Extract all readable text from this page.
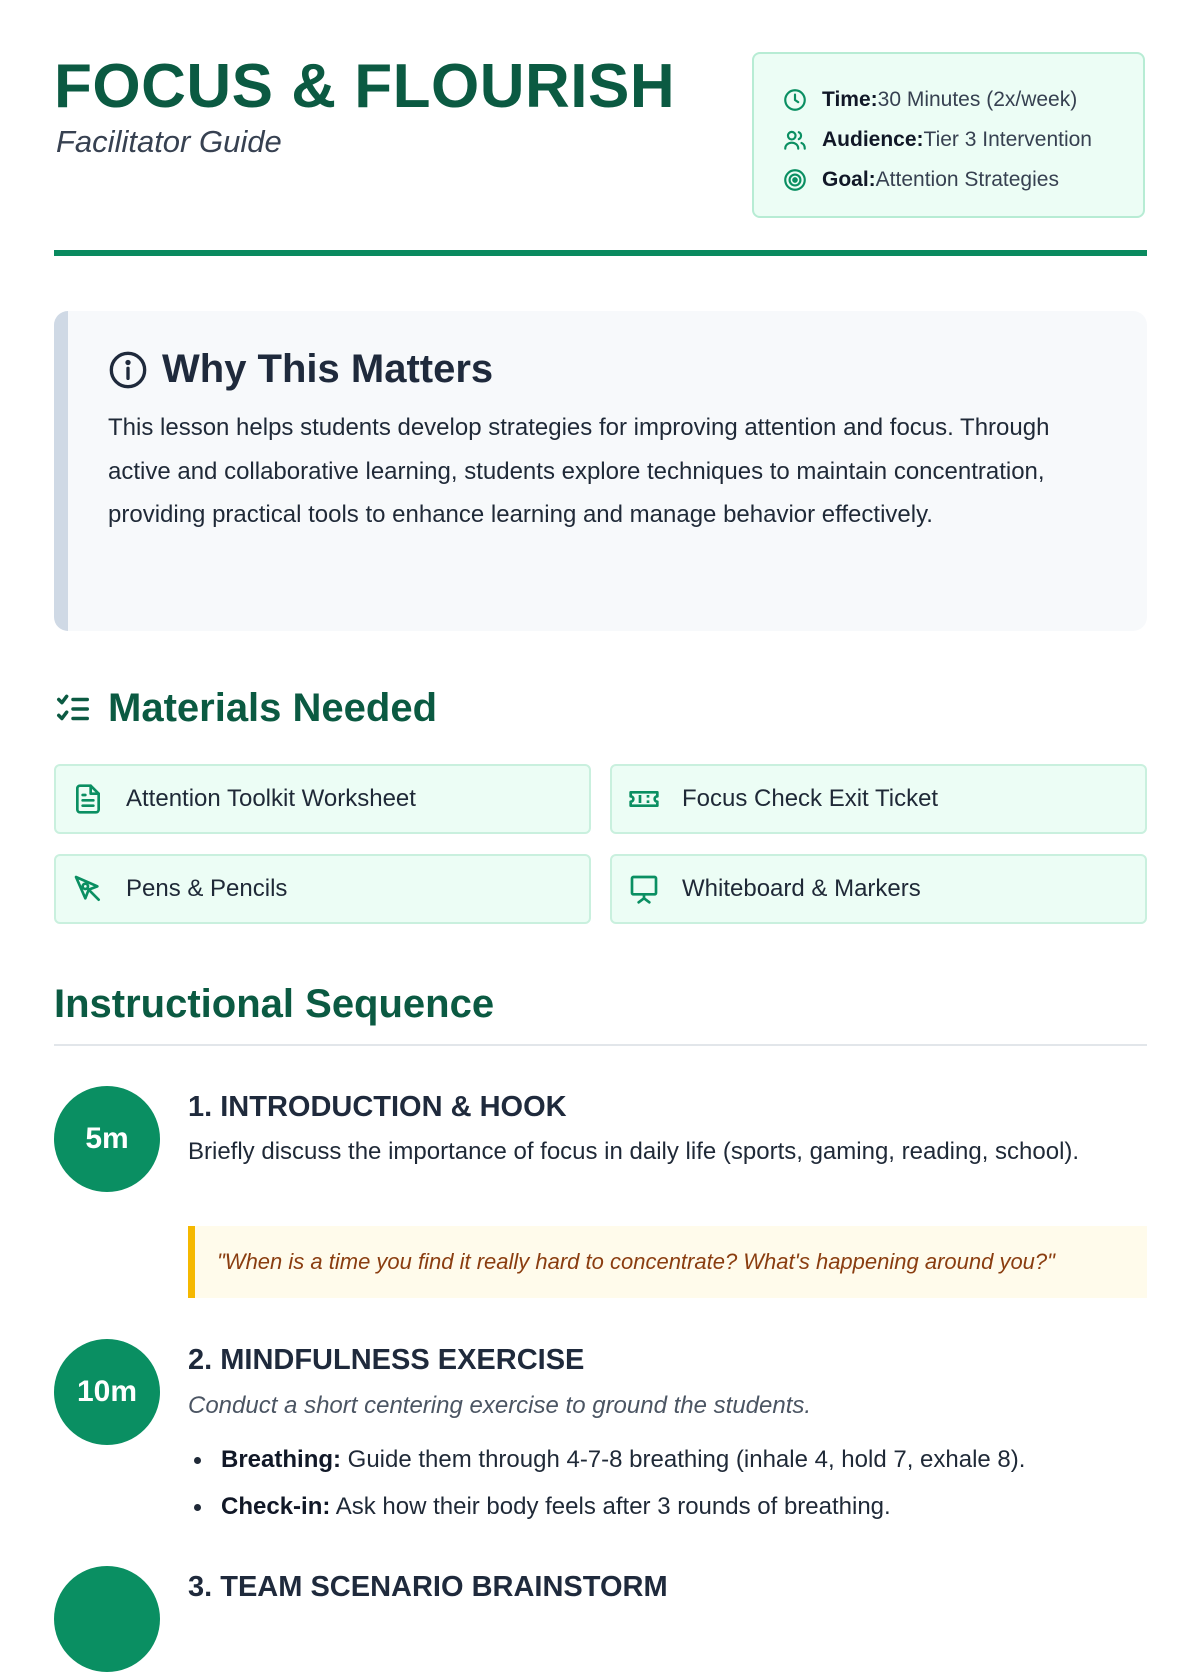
FOCUS & FLOURISH

Facilitator Guide

Time: 30 Minutes (2x/week)
Audience: Tier 3 Intervention
Goal: Attention Strategies
Why This Matters

This lesson helps students develop strategies for improving attention and focus. Through active and collaborative learning, students explore techniques to maintain concentration, providing practical tools to enhance learning and manage behavior effectively.

Materials Needed
Attention Toolkit Worksheet	Focus Check Exit Ticket
Pens & Pencils	Whiteboard & Markers
Instructional Sequence
5m
1. INTRODUCTION & HOOK

Briefly discuss the importance of focus in daily life (sports, gaming, reading, school).

"When is a time you find it really hard to concentrate? What's happening around you?"
10m
2. MINDFULNESS EXERCISE

Conduct a short centering exercise to ground the students.

Breathing: Guide them through 4-7-8 breathing (inhale 4, hold 7, exhale 8).
Check-in: Ask how their body feels after 3 rounds of breathing.
3. TEAM SCENARIO BRAINSTORM
